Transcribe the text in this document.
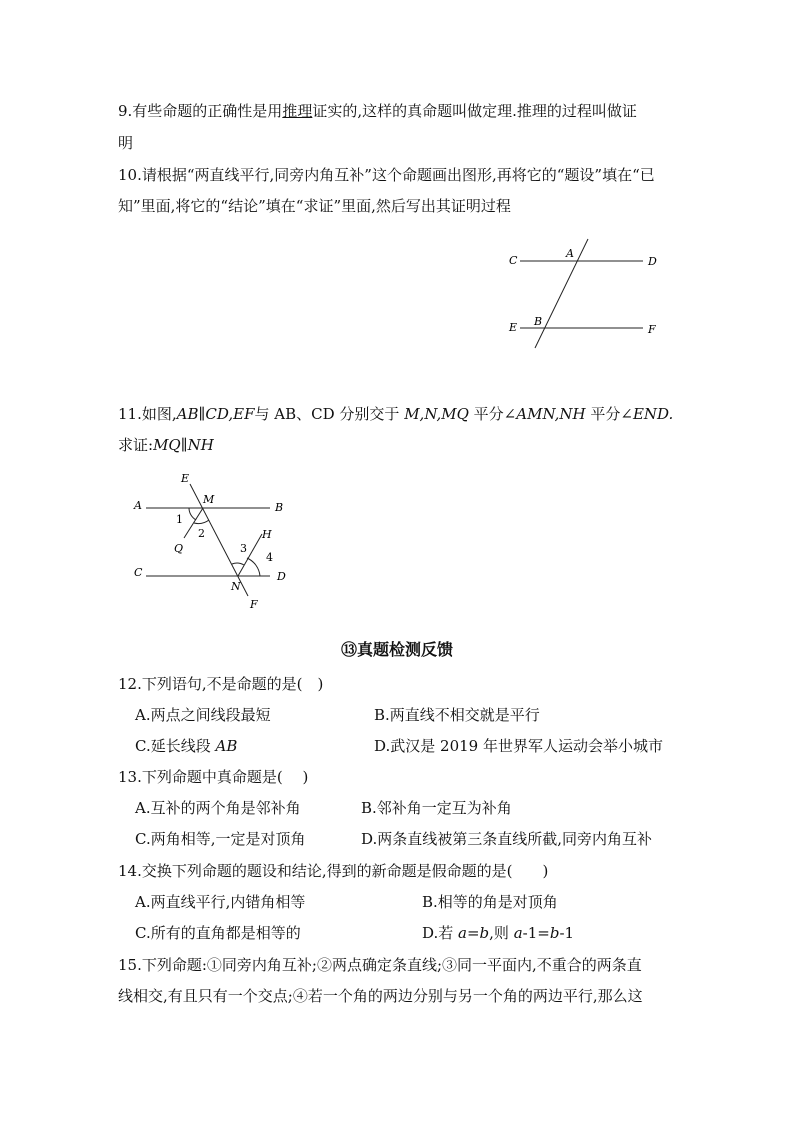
9.有些命题的正确性是用推理证实的,这样的真命题叫做定理.推理的过程叫做证
明
10.请根据“两直线平行,同旁内角互补”这个命题画出图形,再将它的“题设”填在“已
知”里面,将它的“结论”填在“求证”里面,然后写出其证明过程
C
A
D
E B
F
11.如图,AB∥CD,EF与 AB、CD 分别交于 M,N,MQ 平分∠AMN,NH 平分∠END.
求证:MQ∥NH
E
M
A	B
1
2
Q
H
3
4
C	D
N
F
⑬真题检测反馈
12.下列语句,不是命题的是(　)
A.两点之间线段最短	B.两直线不相交就是平行
C.延长线段 AB	D.武汉是 2019 年世界军人运动会举小城市
13.下列命题中真命题是(　 )
A.互补的两个角是邻补角	B.邻补角一定互为补角
C.两角相等,一定是对顶角	D.两条直线被第三条直线所截,同旁内角互补
14.交换下列命题的题设和结论,得到的新命题是假命题的是(　　)
A.两直线平行,内错角相等	B.相等的角是对顶角
C.所有的直角都是相等的	D.若 a=b,则 a-1=b-1
15.下列命题:①同旁内角互补;②两点确定条直线;③同一平面内,不重合的两条直
线相交,有且只有一个交点;④若一个角的两边分别与另一个角的两边平行,那么这
